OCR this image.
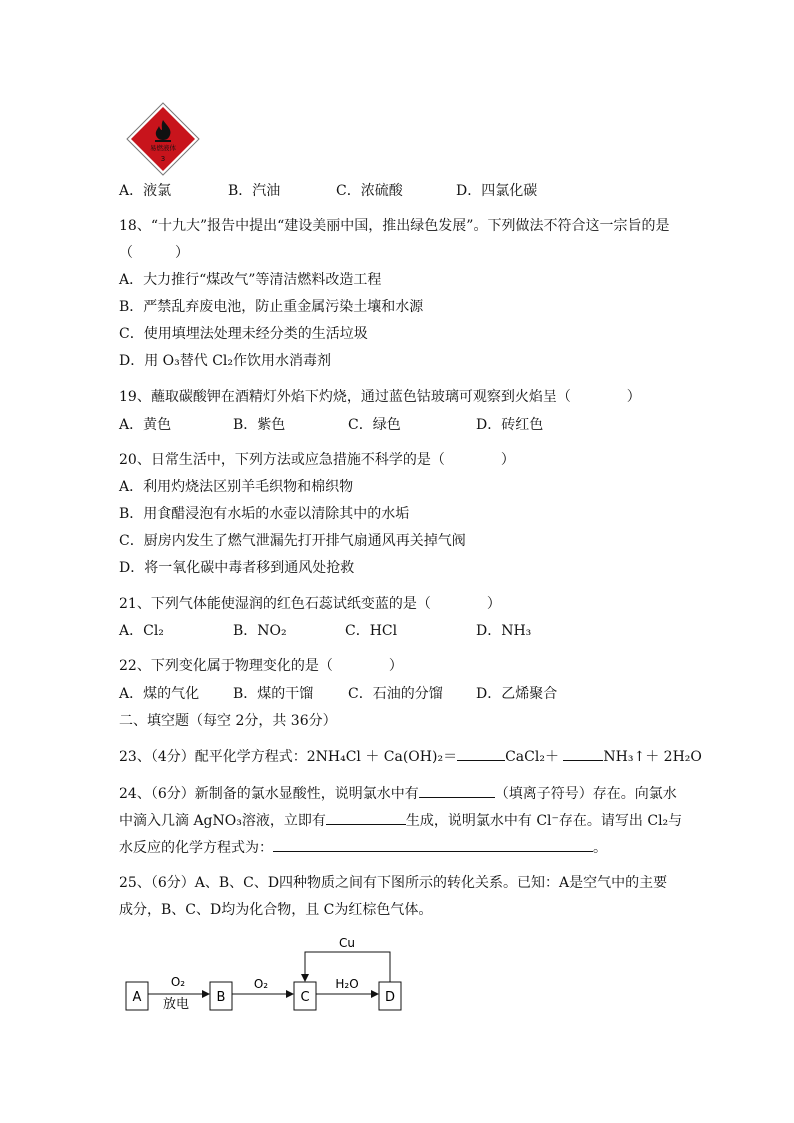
易燃液体
3
A．液氯	B．汽油	C．浓硫酸	D．四氯化碳
18、“十九大”报告中提出“建设美丽中国，推出绿色发展”。下列做法不符合这一宗旨的是
（　　　）
A．大力推行“煤改气”等清洁燃料改造工程
B．严禁乱弃废电池，防止重金属污染土壤和水源
C．使用填埋法处理未经分类的生活垃圾
D．用 O₃替代 Cl₂作饮用水消毒剂
19、蘸取碳酸钾在酒精灯外焰下灼烧，通过蓝色钴玻璃可观察到火焰呈（　　　　）
A．黄色	B．紫色	C．绿色	D．砖红色
20、日常生活中，下列方法或应急措施不科学的是（　　　　）
A．利用灼烧法区别羊毛织物和棉织物
B．用食醋浸泡有水垢的水壶以清除其中的水垢
C．厨房内发生了燃气泄漏先打开排气扇通风再关掉气阀
D．将一氧化碳中毒者移到通风处抢救
21、下列气体能使湿润的红色石蕊试纸变蓝的是（　　　　）
A．Cl₂	B．NO₂	C．HCl	D．NH₃
22、下列变化属于物理变化的是（　　　　）
A．煤的气化 B．煤的干馏 C．石油的分馏 D．乙烯聚合
二、填空题（每空 2分，共 36分）
23、（4分）配平化学方程式：2NH₄Cl ＋ Ca(OH)₂＝	CaCl₂＋	NH₃↑＋ 2H₂O
24、（6分）新制备的氯水显酸性，说明氯水中有	（填离子符号）存在。向氯水
中滴入几滴 AgNO₃溶液，立即有	生成，说明氯水中有 Cl⁻存在。请写出 Cl₂与
水反应的化学方程式为：	。
25、（6分）A、B、C、D四种物质之间有下图所示的转化关系。已知：A是空气中的主要
成分，B、C、D均为化合物，且 C为红棕色气体。
A	B	C	D
O₂
放电
O₂	H₂O
Cu
